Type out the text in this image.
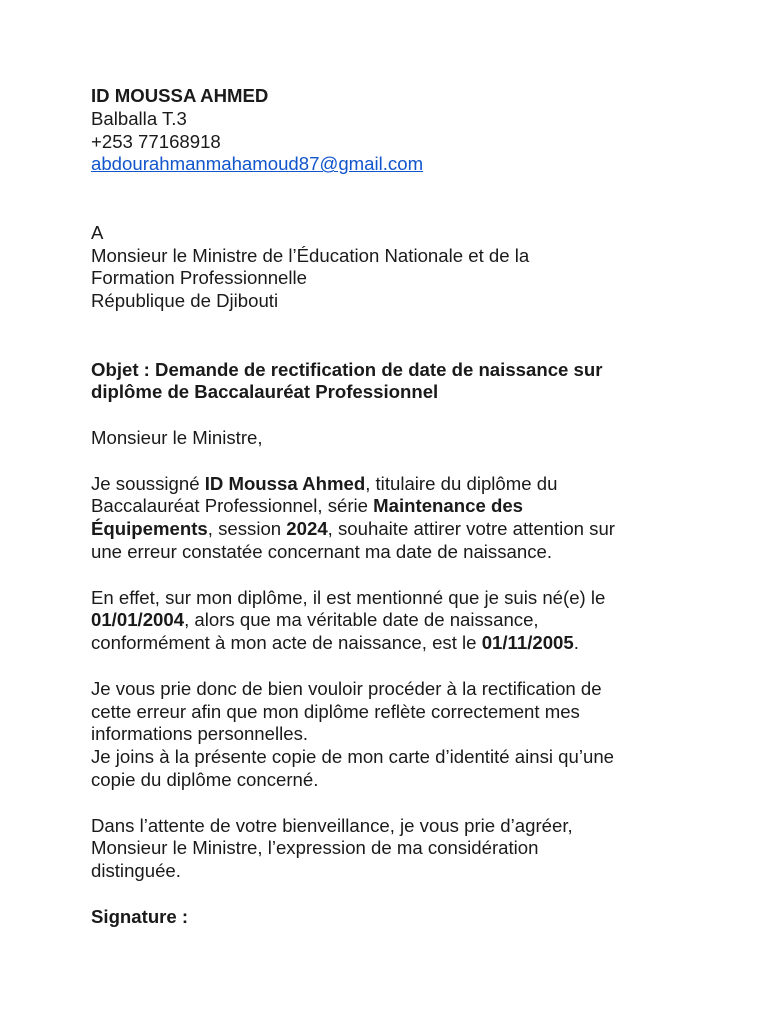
ID MOUSSA AHMED
Balballa T.3
+253 77168918
abdourahmanmahamoud87@gmail.com
A
Monsieur le Ministre de l’Éducation Nationale et de la
Formation Professionnelle
République de Djibouti
Objet : Demande de rectification de date de naissance sur
diplôme de Baccalauréat Professionnel
Monsieur le Ministre,
Je soussigné ID Moussa Ahmed, titulaire du diplôme du
Baccalauréat Professionnel, série Maintenance des
Équipements, session 2024, souhaite attirer votre attention sur
une erreur constatée concernant ma date de naissance.
En effet, sur mon diplôme, il est mentionné que je suis né(e) le
01/01/2004, alors que ma véritable date de naissance,
conformément à mon acte de naissance, est le 01/11/2005.
Je vous prie donc de bien vouloir procéder à la rectification de
cette erreur afin que mon diplôme reflète correctement mes
informations personnelles.
Je joins à la présente copie de mon carte d’identité ainsi qu’une
copie du diplôme concerné.
Dans l’attente de votre bienveillance, je vous prie d’agréer,
Monsieur le Ministre, l’expression de ma considération
distinguée.
Signature :
